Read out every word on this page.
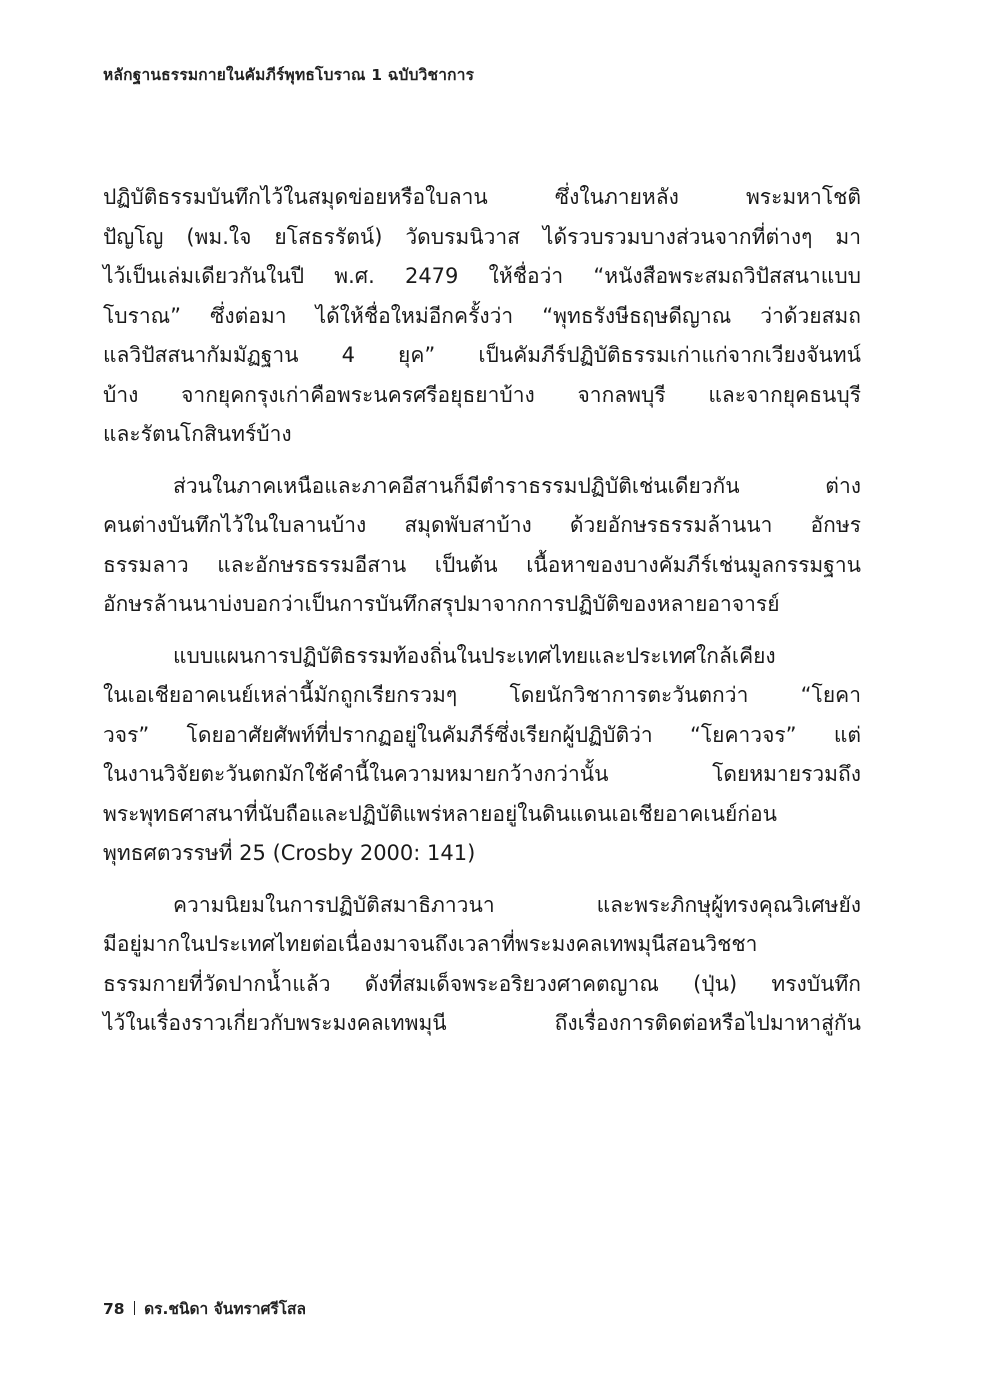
หลักฐานธรรมกายในคัมภีร์พุทธโบราณ 1 ฉบับวิชาการ

ปฏิบัติธรรมบันทึกไว้ในสมุดข่อยหรือใบลาน ซึ่งในภายหลัง พระมหาโชติ
ปัญโญ (พม.ใจ ยโสธรรัตน์) วัดบรมนิวาส ได้รวบรวมบางส่วนจากที่ต่างๆ มา
ไว้เป็นเล่มเดียวกันในปี พ.ศ. 2479 ให้ชื่อว่า “หนังสือพระสมถวิปัสสนาแบบ
โบราณ” ซึ่งต่อมา ได้ให้ชื่อใหม่อีกครั้งว่า “พุทธรังษีธฤษดีญาณ ว่าด้วยสมถ
แลวิปัสสนากัมมัฏฐาน 4 ยุค” เป็นคัมภีร์ปฏิบัติธรรมเก่าแก่จากเวียงจันทน์
บ้าง จากยุคกรุงเก่าคือพระนครศรีอยุธยาบ้าง จากลพบุรี และจากยุคธนบุรี
และรัตนโกสินทร์บ้าง

ส่วนในภาคเหนือและภาคอีสานก็มีตำราธรรมปฏิบัติเช่นเดียวกัน ต่าง
คนต่างบันทึกไว้ในใบลานบ้าง สมุดพับสาบ้าง ด้วยอักษรธรรมล้านนา อักษร
ธรรมลาว และอักษรธรรมอีสาน เป็นต้น เนื้อหาของบางคัมภีร์เช่นมูลกรรมฐาน
อักษรล้านนาบ่งบอกว่าเป็นการบันทึกสรุปมาจากการปฏิบัติของหลายอาจารย์

แบบแผนการปฏิบัติธรรมท้องถิ่นในประเทศไทยและประเทศใกล้เคียง
ในเอเชียอาคเนย์เหล่านี้มักถูกเรียกรวมๆ โดยนักวิชาการตะวันตกว่า “โยคา
วจร” โดยอาศัยศัพท์ที่ปรากฏอยู่ในคัมภีร์ซึ่งเรียกผู้ปฏิบัติว่า “โยคาวจร” แต่
ในงานวิจัยตะวันตกมักใช้คำนี้ในความหมายกว้างกว่านั้น โดยหมายรวมถึง
พระพุทธศาสนาที่นับถือและปฏิบัติแพร่หลายอยู่ในดินแดนเอเชียอาคเนย์ก่อน
พุทธศตวรรษที่ 25 (Crosby 2000: 141)

ความนิยมในการปฏิบัติสมาธิภาวนา และพระภิกษุผู้ทรงคุณวิเศษยัง
มีอยู่มากในประเทศไทยต่อเนื่องมาจนถึงเวลาที่พระมงคลเทพมุนีสอนวิชชา
ธรรมกายที่วัดปากน้ำแล้ว ดังที่สมเด็จพระอริยวงศาคตญาณ (ปุ่น) ทรงบันทึก
ไว้ในเรื่องราวเกี่ยวกับพระมงคลเทพมุนี ถึงเรื่องการติดต่อหรือไปมาหาสู่กัน

78 ดร.ชนิดา จันทราศรีโสล
